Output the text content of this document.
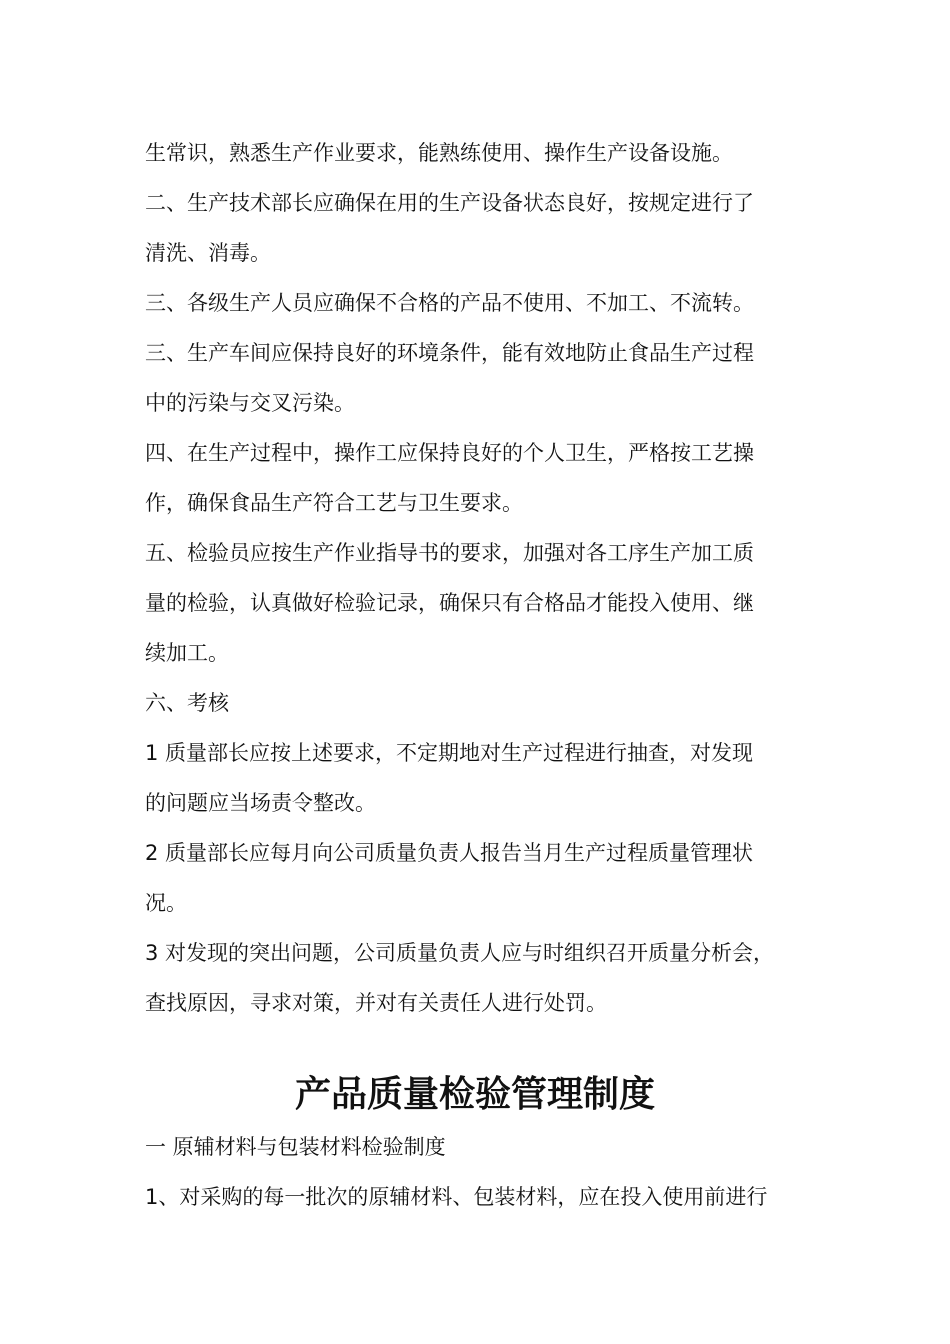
生常识，熟悉生产作业要求，能熟练使用、操作生产设备设施。
二、生产技术部长应确保在用的生产设备状态良好，按规定进行了
清洗、消毒。
三、各级生产人员应确保不合格的产品不使用、不加工、不流转。
三、生产车间应保持良好的环境条件，能有效地防止食品生产过程
中的污染与交叉污染。
四、在生产过程中，操作工应保持良好的个人卫生，严格按工艺操
作，确保食品生产符合工艺与卫生要求。
五、检验员应按生产作业指导书的要求，加强对各工序生产加工质
量的检验，认真做好检验记录，确保只有合格品才能投入使用、继
续加工。
六、考核
1 质量部长应按上述要求，不定期地对生产过程进行抽查，对发现
的问题应当场责令整改。
2 质量部长应每月向公司质量负责人报告当月生产过程质量管理状
况。
3 对发现的突出问题，公司质量负责人应与时组织召开质量分析会，
查找原因，寻求对策，并对有关责任人进行处罚。
产品质量检验管理制度
一 原辅材料与包装材料检验制度
1、对采购的每一批次的原辅材料、包装材料，应在投入使用前进行
